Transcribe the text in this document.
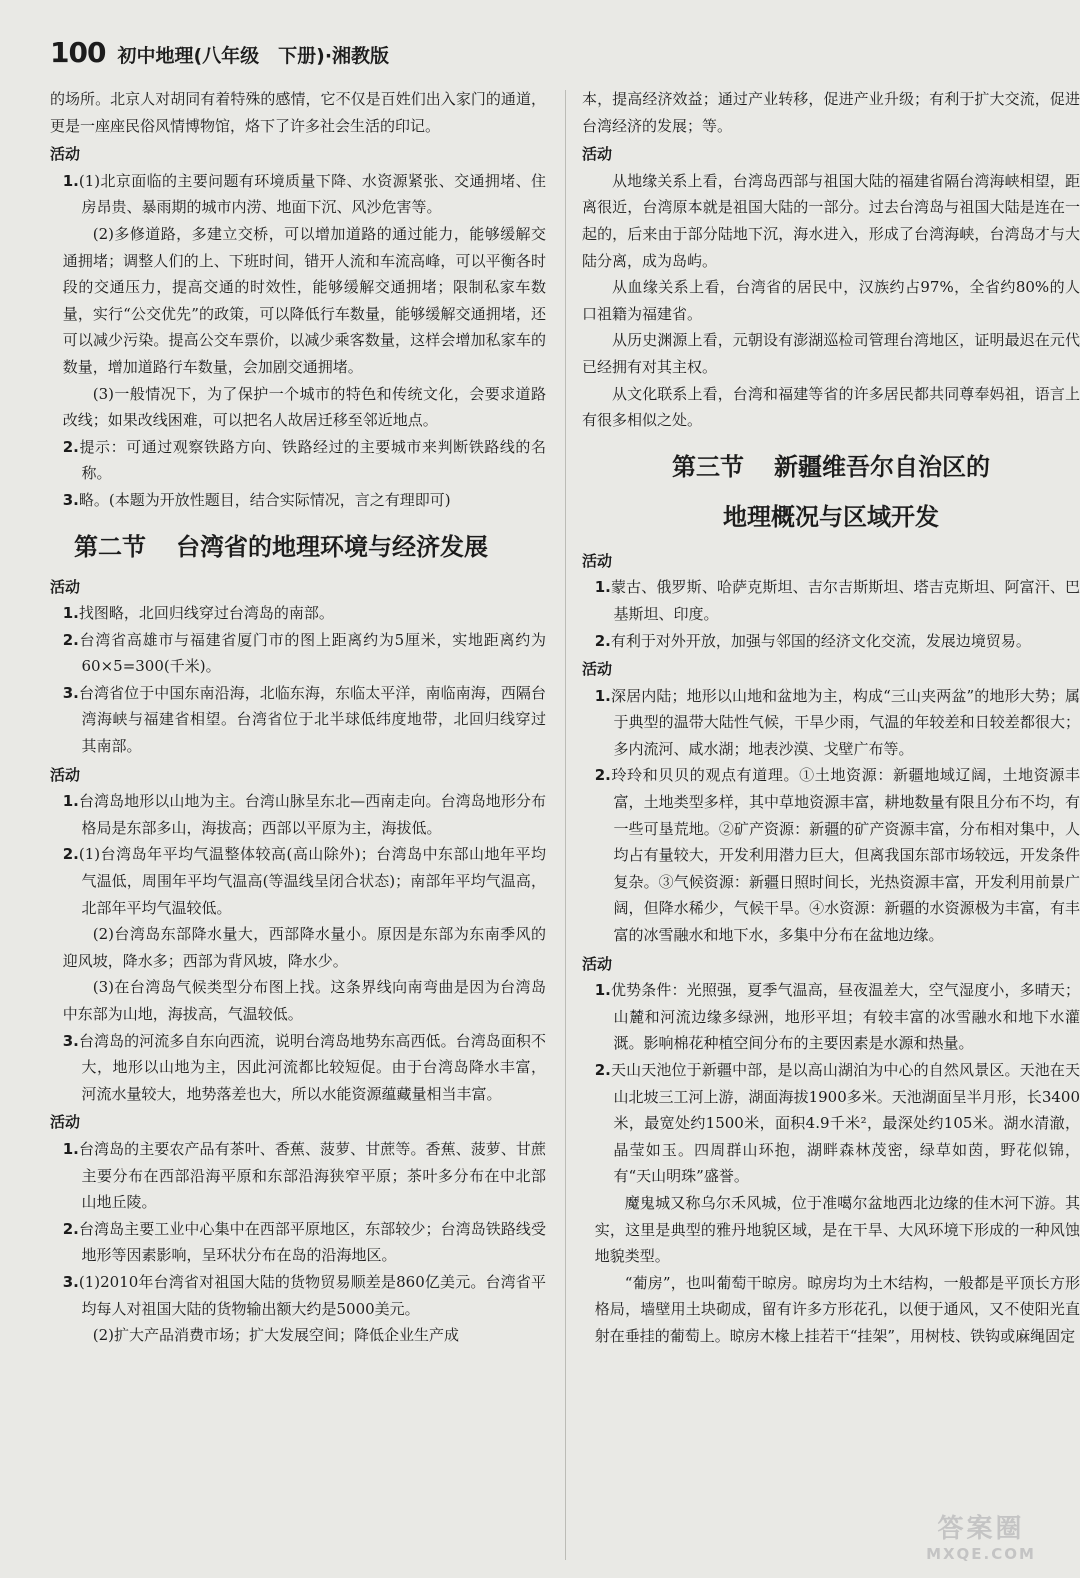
100 初中地理(八年级　下册)·湘教版

的场所。北京人对胡同有着特殊的感情，它不仅是百姓们出入家门的通道，更是一座座民俗风情博物馆，烙下了许多社会生活的印记。

活动

1.(1)北京面临的主要问题有环境质量下降、水资源紧张、交通拥堵、住房昂贵、暴雨期的城市内涝、地面下沉、风沙危害等。

(2)多修道路，多建立交桥，可以增加道路的通过能力，能够缓解交通拥堵；调整人们的上、下班时间，错开人流和车流高峰，可以平衡各时段的交通压力，提高交通的时效性，能够缓解交通拥堵；限制私家车数量，实行“公交优先”的政策，可以降低行车数量，能够缓解交通拥堵，还可以减少污染。提高公交车票价，以减少乘客数量，这样会增加私家车的数量，增加道路行车数量，会加剧交通拥堵。

(3)一般情况下，为了保护一个城市的特色和传统文化，会要求道路改线；如果改线困难，可以把名人故居迁移至邻近地点。

2.提示：可通过观察铁路方向、铁路经过的主要城市来判断铁路线的名称。

3.略。(本题为开放性题目，结合实际情况，言之有理即可)

第二节 台湾省的地理环境与经济发展

活动

1.找图略，北回归线穿过台湾岛的南部。

2.台湾省高雄市与福建省厦门市的图上距离约为5厘米，实地距离约为60×5=300(千米)。

3.台湾省位于中国东南沿海，北临东海，东临太平洋，南临南海，西隔台湾海峡与福建省相望。台湾省位于北半球低纬度地带，北回归线穿过其南部。

活动

1.台湾岛地形以山地为主。台湾山脉呈东北—西南走向。台湾岛地形分布格局是东部多山，海拔高；西部以平原为主，海拔低。

2.(1)台湾岛年平均气温整体较高(高山除外)；台湾岛中东部山地年平均气温低，周围年平均气温高(等温线呈闭合状态)；南部年平均气温高，北部年平均气温较低。

(2)台湾岛东部降水量大，西部降水量小。原因是东部为东南季风的迎风坡，降水多；西部为背风坡，降水少。

(3)在台湾岛气候类型分布图上找。这条界线向南弯曲是因为台湾岛中东部为山地，海拔高，气温较低。

3.台湾岛的河流多自东向西流，说明台湾岛地势东高西低。台湾岛面积不大，地形以山地为主，因此河流都比较短促。由于台湾岛降水丰富，河流水量较大，地势落差也大，所以水能资源蕴藏量相当丰富。

活动

1.台湾岛的主要农产品有茶叶、香蕉、菠萝、甘蔗等。香蕉、菠萝、甘蔗主要分布在西部沿海平原和东部沿海狭窄平原；茶叶多分布在中北部山地丘陵。

2.台湾岛主要工业中心集中在西部平原地区，东部较少；台湾岛铁路线受地形等因素影响，呈环状分布在岛的沿海地区。

3.(1)2010年台湾省对祖国大陆的货物贸易顺差是860亿美元。台湾省平均每人对祖国大陆的货物输出额大约是5000美元。

(2)扩大产品消费市场；扩大发展空间；降低企业生产成

本，提高经济效益；通过产业转移，促进产业升级；有利于扩大交流，促进台湾经济的发展；等。

活动

从地缘关系上看，台湾岛西部与祖国大陆的福建省隔台湾海峡相望，距离很近，台湾原本就是祖国大陆的一部分。过去台湾岛与祖国大陆是连在一起的，后来由于部分陆地下沉，海水进入，形成了台湾海峡，台湾岛才与大陆分离，成为岛屿。

从血缘关系上看，台湾省的居民中，汉族约占97%，全省约80%的人口祖籍为福建省。

从历史渊源上看，元朝设有澎湖巡检司管理台湾地区，证明最迟在元代已经拥有对其主权。

从文化联系上看，台湾和福建等省的许多居民都共同尊奉妈祖，语言上有很多相似之处。

第三节 新疆维吾尔自治区的
地理概况与区域开发

活动

1.蒙古、俄罗斯、哈萨克斯坦、吉尔吉斯斯坦、塔吉克斯坦、阿富汗、巴基斯坦、印度。

2.有利于对外开放，加强与邻国的经济文化交流，发展边境贸易。

活动

1.深居内陆；地形以山地和盆地为主，构成“三山夹两盆”的地形大势；属于典型的温带大陆性气候，干旱少雨，气温的年较差和日较差都很大；多内流河、咸水湖；地表沙漠、戈壁广布等。

2.玲玲和贝贝的观点有道理。①土地资源：新疆地域辽阔，土地资源丰富，土地类型多样，其中草地资源丰富，耕地数量有限且分布不均，有一些可垦荒地。②矿产资源：新疆的矿产资源丰富，分布相对集中，人均占有量较大，开发利用潜力巨大，但离我国东部市场较远，开发条件复杂。③气候资源：新疆日照时间长，光热资源丰富，开发利用前景广阔，但降水稀少，气候干旱。④水资源：新疆的水资源极为丰富，有丰富的冰雪融水和地下水，多集中分布在盆地边缘。

活动

1.优势条件：光照强，夏季气温高，昼夜温差大，空气湿度小，多晴天；山麓和河流边缘多绿洲，地形平坦；有较丰富的冰雪融水和地下水灌溉。影响棉花种植空间分布的主要因素是水源和热量。

2.天山天池位于新疆中部，是以高山湖泊为中心的自然风景区。天池在天山北坡三工河上游，湖面海拔1900多米。天池湖面呈半月形，长3400米，最宽处约1500米，面积4.9千米²，最深处约105米。湖水清澈，晶莹如玉。四周群山环抱，湖畔森林茂密，绿草如茵，野花似锦，有“天山明珠”盛誉。

魔鬼城又称乌尔禾风城，位于准噶尔盆地西北边缘的佳木河下游。其实，这里是典型的雅丹地貌区域，是在干旱、大风环境下形成的一种风蚀地貌类型。

“葡房”，也叫葡萄干晾房。晾房均为土木结构，一般都是平顶长方形格局，墙壁用土块砌成，留有许多方形花孔，以便于通风，又不使阳光直射在垂挂的葡萄上。晾房木椽上挂若干“挂架”，用树枝、铁钩或麻绳固定

答案圈
MXQE.COM
